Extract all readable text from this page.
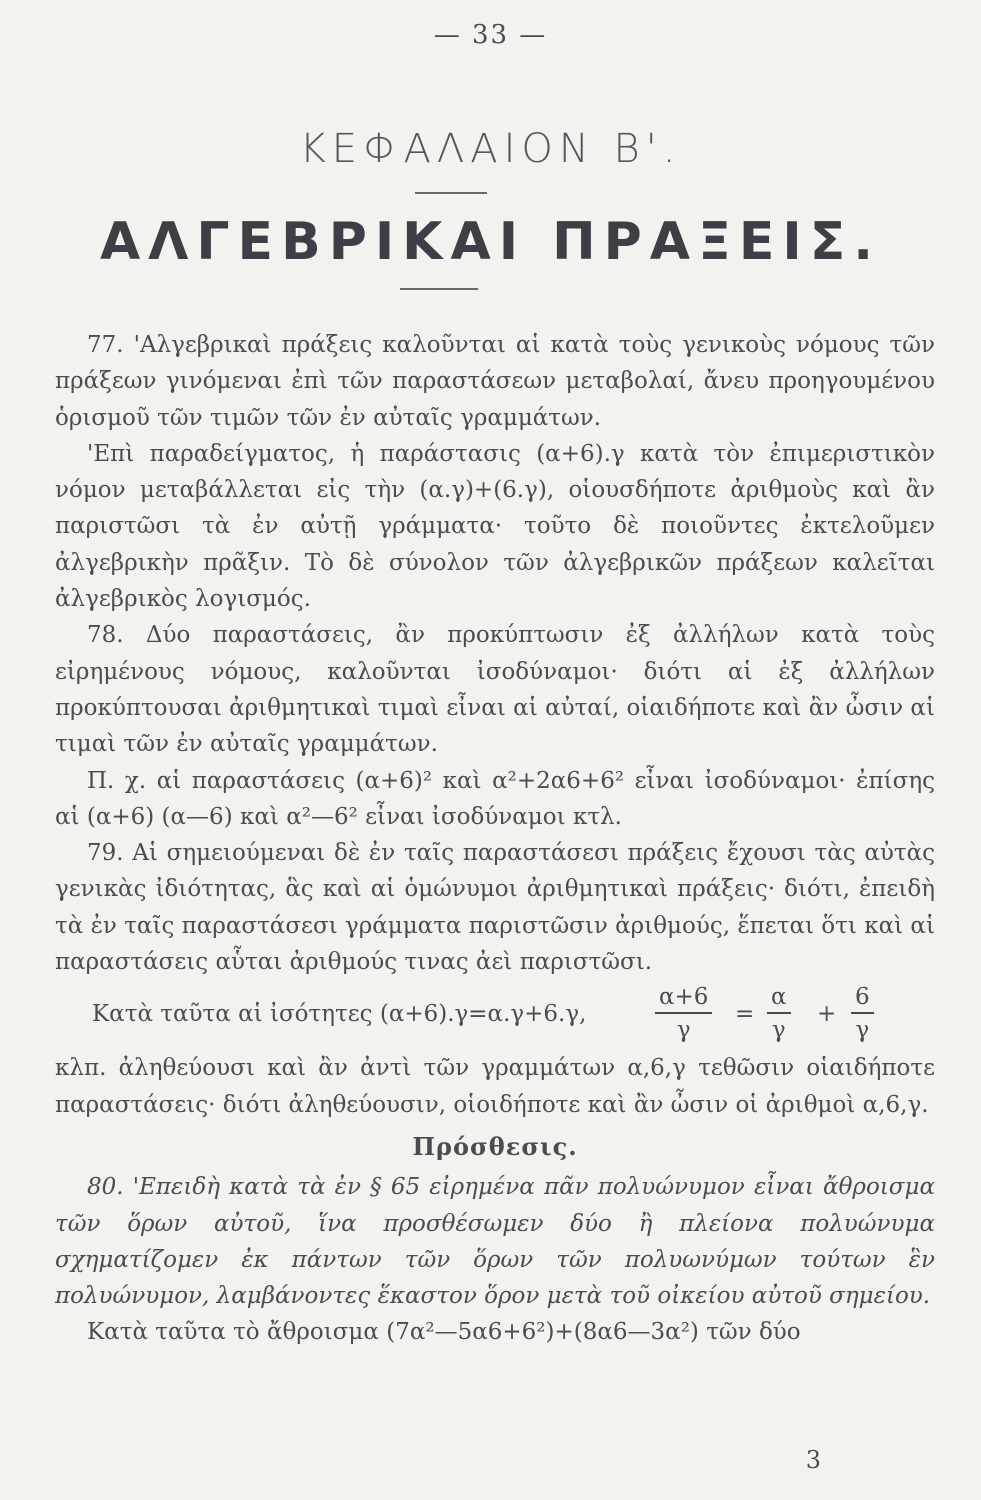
— 33 —
ΚΕΦΑΛΑΙΟΝ Β'.
ΑΛΓΕΒΡΙΚΑΙ ΠΡΑΞΕΙΣ.

77. 'Αλγεβρικαὶ πράξεις καλοῦνται αἱ κατὰ τοὺς γενικοὺς νόμους τῶν πράξεων γινόμεναι ἐπὶ τῶν παραστάσεων μεταβολαί, ἄνευ προηγουμένου ὁρισμοῦ τῶν τιμῶν τῶν ἐν αὐταῖς γραμμάτων.

'Επὶ παραδείγματος, ἡ παράστασις (α+6).γ κατὰ τὸν ἐπιμεριστικὸν νόμον μεταβάλλεται εἰς τὴν (α.γ)+(6.γ), οἱουσδήποτε ἀριθμοὺς καὶ ἂν παριστῶσι τὰ ἐν αὐτῇ γράμματα· τοῦτο δὲ ποιοῦντες ἐκτελοῦμεν ἀλγεβρικὴν πρᾶξιν. Τὸ δὲ σύνολον τῶν ἀλγεβρικῶν πράξεων καλεῖται ἀλγεβρικὸς λογισμός.

78. Δύο παραστάσεις, ἂν προκύπτωσιν ἐξ ἀλλήλων κατὰ τοὺς εἰρημένους νόμους, καλοῦνται ἰσοδύναμοι· διότι αἱ ἐξ ἀλλήλων προκύπτουσαι ἀριθμητικαὶ τιμαὶ εἶναι αἱ αὐταί, οἱαιδήποτε καὶ ἂν ὦσιν αἱ τιμαὶ τῶν ἐν αὐταῖς γραμμάτων.

Π. χ. αἱ παραστάσεις (α+6)² καὶ α²+2α6+6² εἶναι ἰσοδύναμοι· ἐπίσης αἱ (α+6) (α—6) καὶ α²—6² εἶναι ἰσοδύναμοι κτλ.

79. Αἱ σημειούμεναι δὲ ἐν ταῖς παραστάσεσι πράξεις ἔχουσι τὰς αὐτὰς γενικὰς ἰδιότητας, ἃς καὶ αἱ ὁμώνυμοι ἀριθμητικαὶ πράξεις· διότι, ἐπειδὴ τὰ ἐν ταῖς παραστάσεσι γράμματα παριστῶσιν ἀριθμούς, ἕπεται ὅτι καὶ αἱ παραστάσεις αὗται ἀριθμούς τινας ἀεὶ παριστῶσι.

Κατὰ ταῦτα αἱ ἰσότητες (α+6).γ=α.γ+6.γ,	$\frac{\alpha+6}{\gamma} = \frac{\alpha}{\gamma} + \frac{6}{\gamma}$

κλπ. ἀληθεύουσι καὶ ἂν ἀντὶ τῶν γραμμάτων α,6,γ τεθῶσιν οἱαιδήποτε παραστάσεις· διότι ἀληθεύουσιν, οἱοιδήποτε καὶ ἂν ὦσιν οἱ ἀριθμοὶ α,6,γ.

Πρόσθεσις.

80. 'Επειδὴ κατὰ τὰ ἐν § 65 εἰρημένα πᾶν πολυώνυμον εἶναι ἄθροισμα τῶν ὅρων αὐτοῦ, ἵνα προσθέσωμεν δύο ἢ πλείονα πολυώνυμα σχηματίζομεν ἐκ πάντων τῶν ὅρων τῶν πολυωνύμων τούτων ἓν πολυώνυμον, λαμβάνοντες ἕκαστον ὅρον μετὰ τοῦ οἰκείου αὐτοῦ σημείου.

Κατὰ ταῦτα τὸ ἄθροισμα (7α²—5α6+6²)+(8α6—3α²) τῶν δύο

3
